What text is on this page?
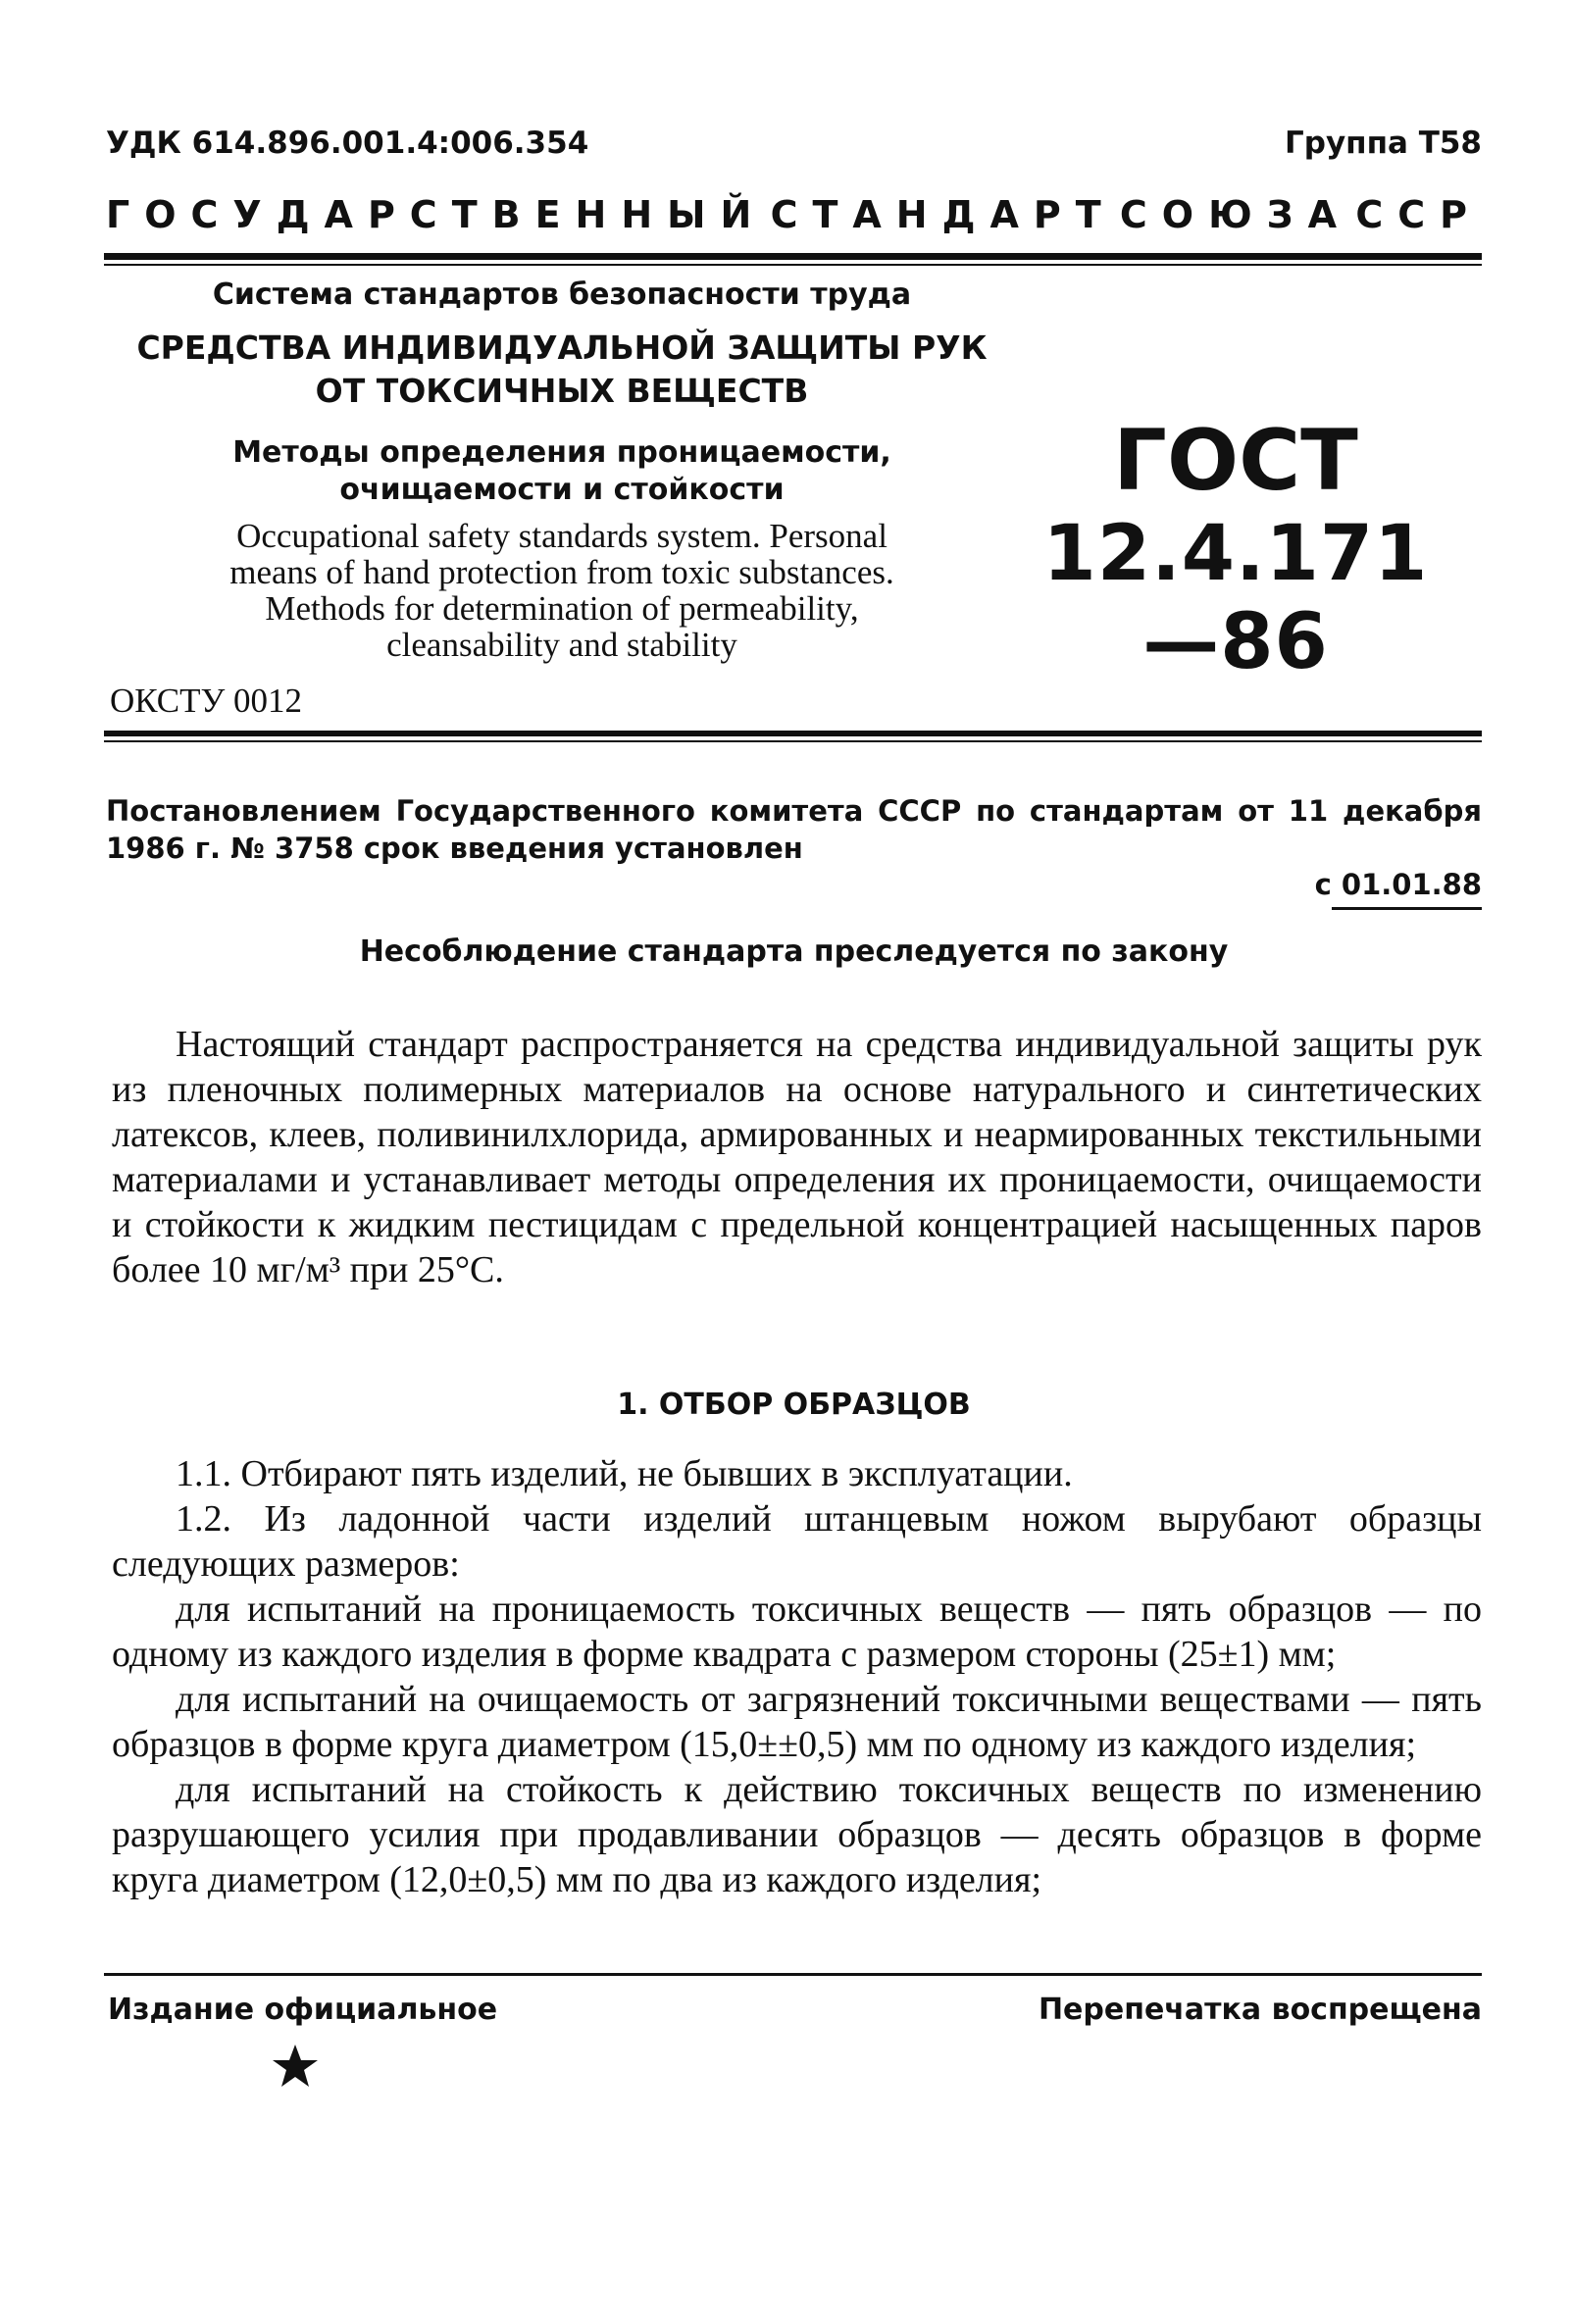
УДК 614.896.001.4:006.354	Группа Т58
ГОСУДАРСТВЕННЫЙ СТАНДАРТ СОЮЗА ССР
Система стандартов безопасности труда
СРЕДСТВА ИНДИВИДУАЛЬНОЙ ЗАЩИТЫ РУК
ОТ ТОКСИЧНЫХ ВЕЩЕСТВ
Методы определения проницаемости,
очищаемости и стойкости
Occupational safety standards system. Personal
means of hand protection from toxic substances.
Methods for determination of permeability,
cleansability and stability
ОКСТУ 0012
ГОСТ
12.4.171—86
Постановлением Государственного комитета СССР по стандартам от 11 декабря 1986 г. № 3758 срок введения установлен
с 01.01.88
Несоблюдение стандарта преследуется по закону
Настоящий стандарт распространяется на средства индивидуальной защиты рук из пленочных полимерных материалов на основе натурального и синтетических латексов, клеев, поливинилхлорида, армированных и неармированных текстильными материалами и устанавливает методы определения их проницаемости, очищаемости и стойкости к жидким пестицидам с предельной концентрацией насыщенных паров более 10 мг/м³ при 25°С.
1. ОТБОР ОБРАЗЦОВ

1.1. Отбирают пять изделий, не бывших в эксплуатации.

1.2. Из ладонной части изделий штанцевым ножом вырубают образцы следующих размеров:

для испытаний на проницаемость токсичных веществ — пять образцов — по одному из каждого изделия в форме квадрата с размером стороны (25±1) мм;

для испытаний на очищаемость от загрязнений токсичными веществами — пять образцов в форме круга диаметром (15,0±±0,5) мм по одному из каждого изделия;

для испытаний на стойкость к действию токсичных веществ по изменению разрушающего усилия при продавливании образцов — десять образцов в форме круга диаметром (12,0±0,5) мм по два из каждого изделия;

Издание официальное	Перепечатка воспрещена
